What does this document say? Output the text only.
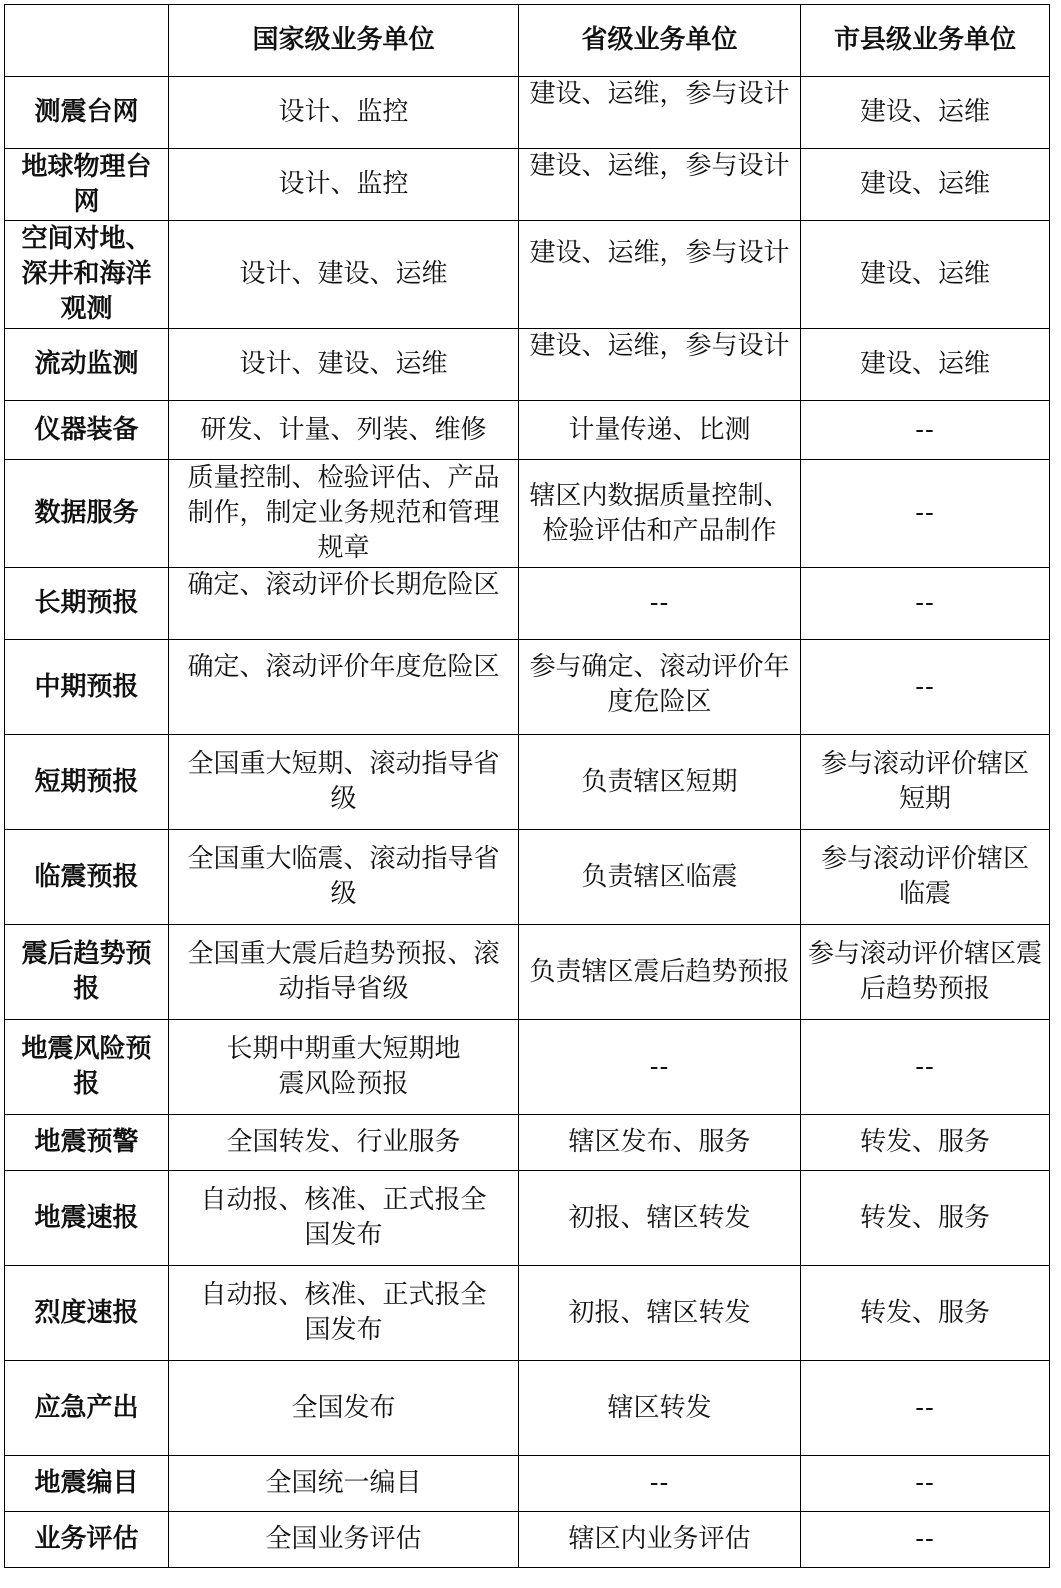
	国家级业务单位	省级业务单位	市县级业务单位
测震台网	设计、监控	建设、运维，参与设计	建设、运维
地球物理台网	设计、监控	建设、运维，参与设计	建设、运维
空间对地、深井和海洋观测	设计、建设、运维	建设、运维，参与设计	建设、运维
流动监测	设计、建设、运维	建设、运维，参与设计	建设、运维
仪器装备	研发、计量、列装、维修	计量传递、比测	--
数据服务	质量控制、检验评估、产品制作，制定业务规范和管理规章	辖区内数据质量控制、检验评估和产品制作	--
长期预报	确定、滚动评价长期危险区	--	--
中期预报	确定、滚动评价年度危险区	参与确定、滚动评价年度危险区	--
短期预报	全国重大短期、滚动指导省级	负责辖区短期	参与滚动评价辖区短期
临震预报	全国重大临震、滚动指导省级	负责辖区临震	参与滚动评价辖区临震
震后趋势预报	全国重大震后趋势预报、滚动指导省级	负责辖区震后趋势预报	参与滚动评价辖区震后趋势预报
地震风险预报	长期中期重大短期地震风险预报	--	--
地震预警	全国转发、行业服务	辖区发布、服务	转发、服务
地震速报	自动报、核准、正式报全国发布	初报、辖区转发	转发、服务
烈度速报	自动报、核准、正式报全国发布	初报、辖区转发	转发、服务
应急产出	全国发布	辖区转发	--
地震编目	全国统一编目	--	--
业务评估	全国业务评估	辖区内业务评估	--
